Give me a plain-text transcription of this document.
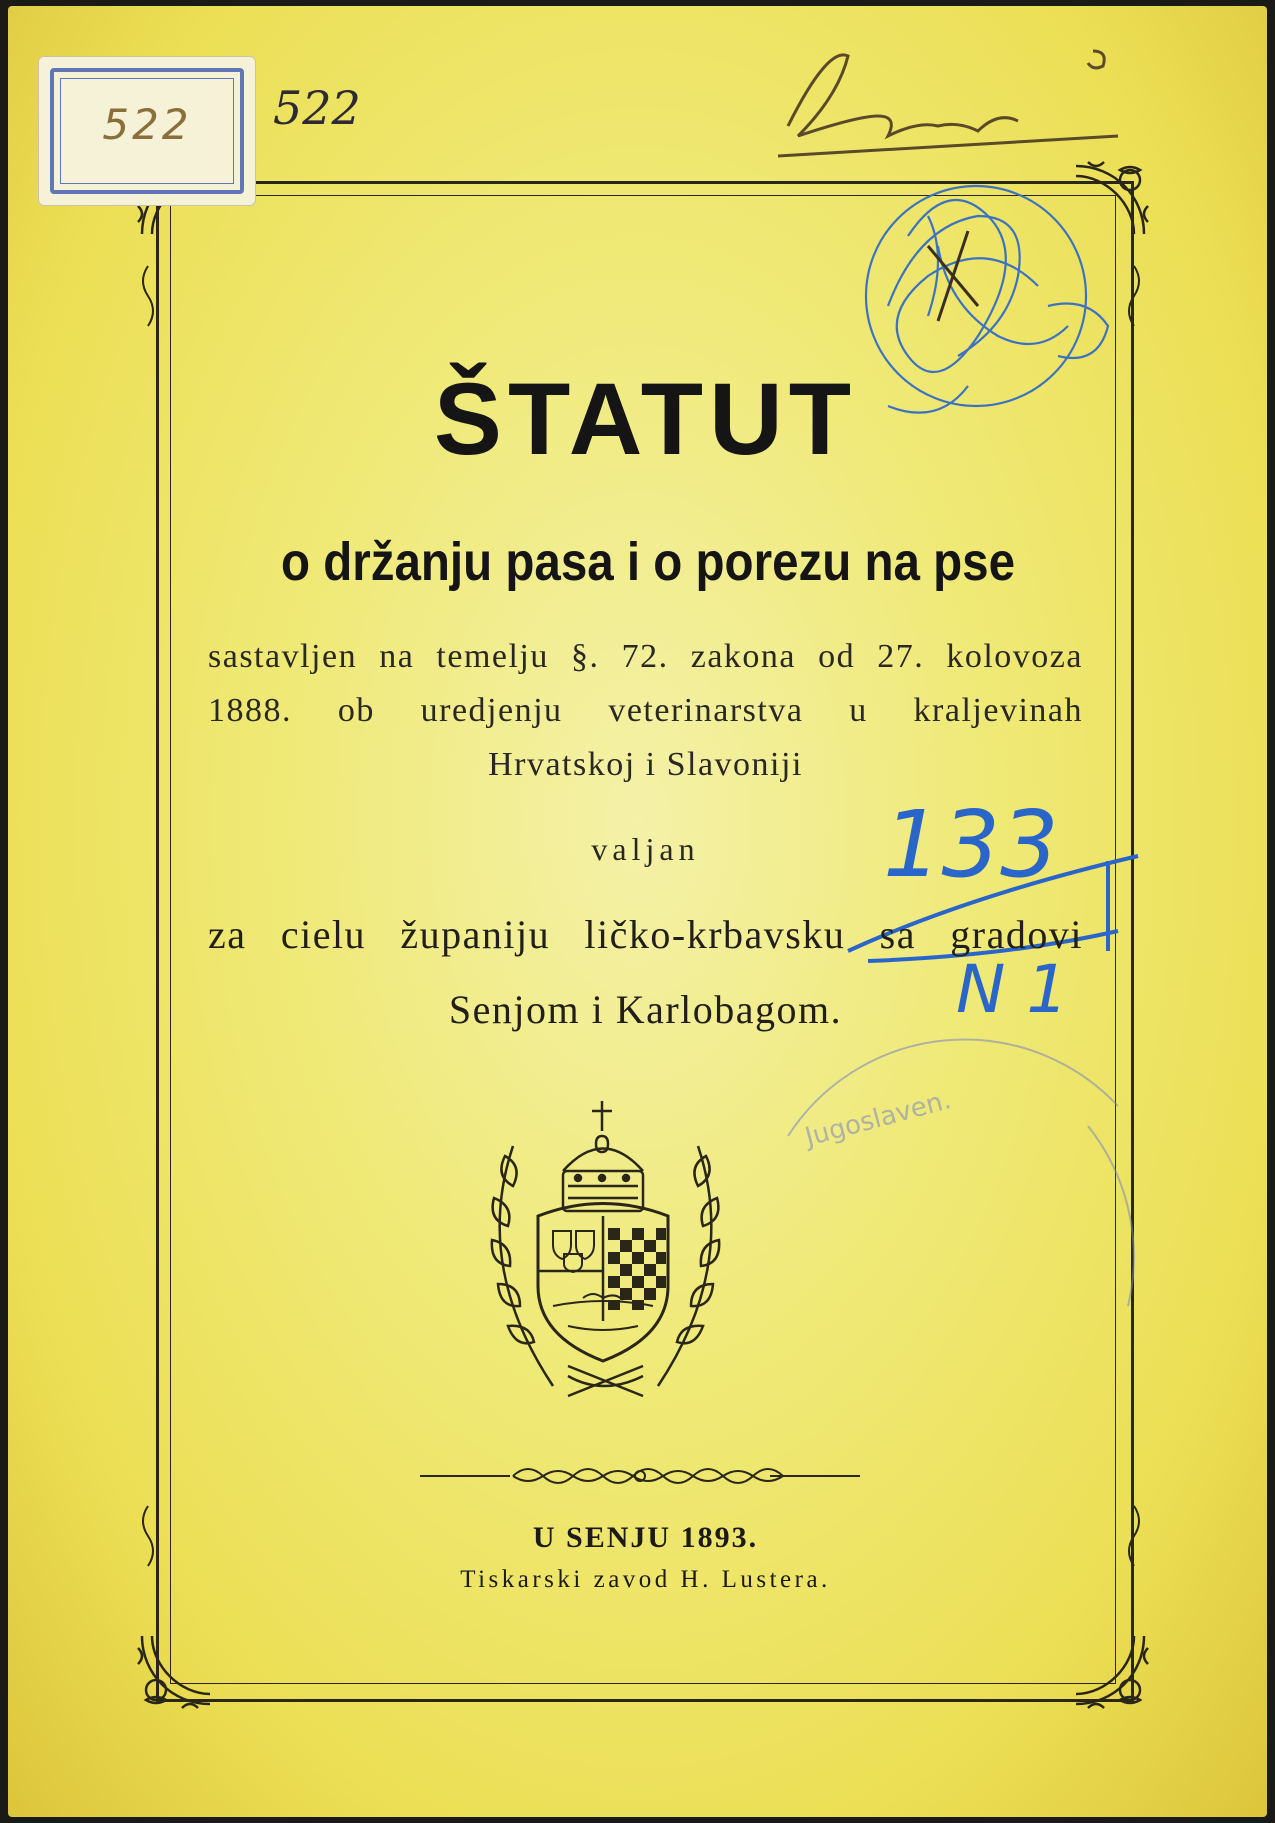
522	522
Jugoslaven.
133
N 1
ŠTATUT
o držanju pasa i o porezu na pse
sastavljen na temelju §. 72. zakona od 27. kolovoza
1888. ob uredjenju veterinarstva u kraljevinah
Hrvatskoj i Slavoniji
valjan
za cielu županiju ličko-krbavsku sa gradovi
Senjom i Karlobagom.
U SENJU 1893.
Tiskarski zavod H. Lustera.
